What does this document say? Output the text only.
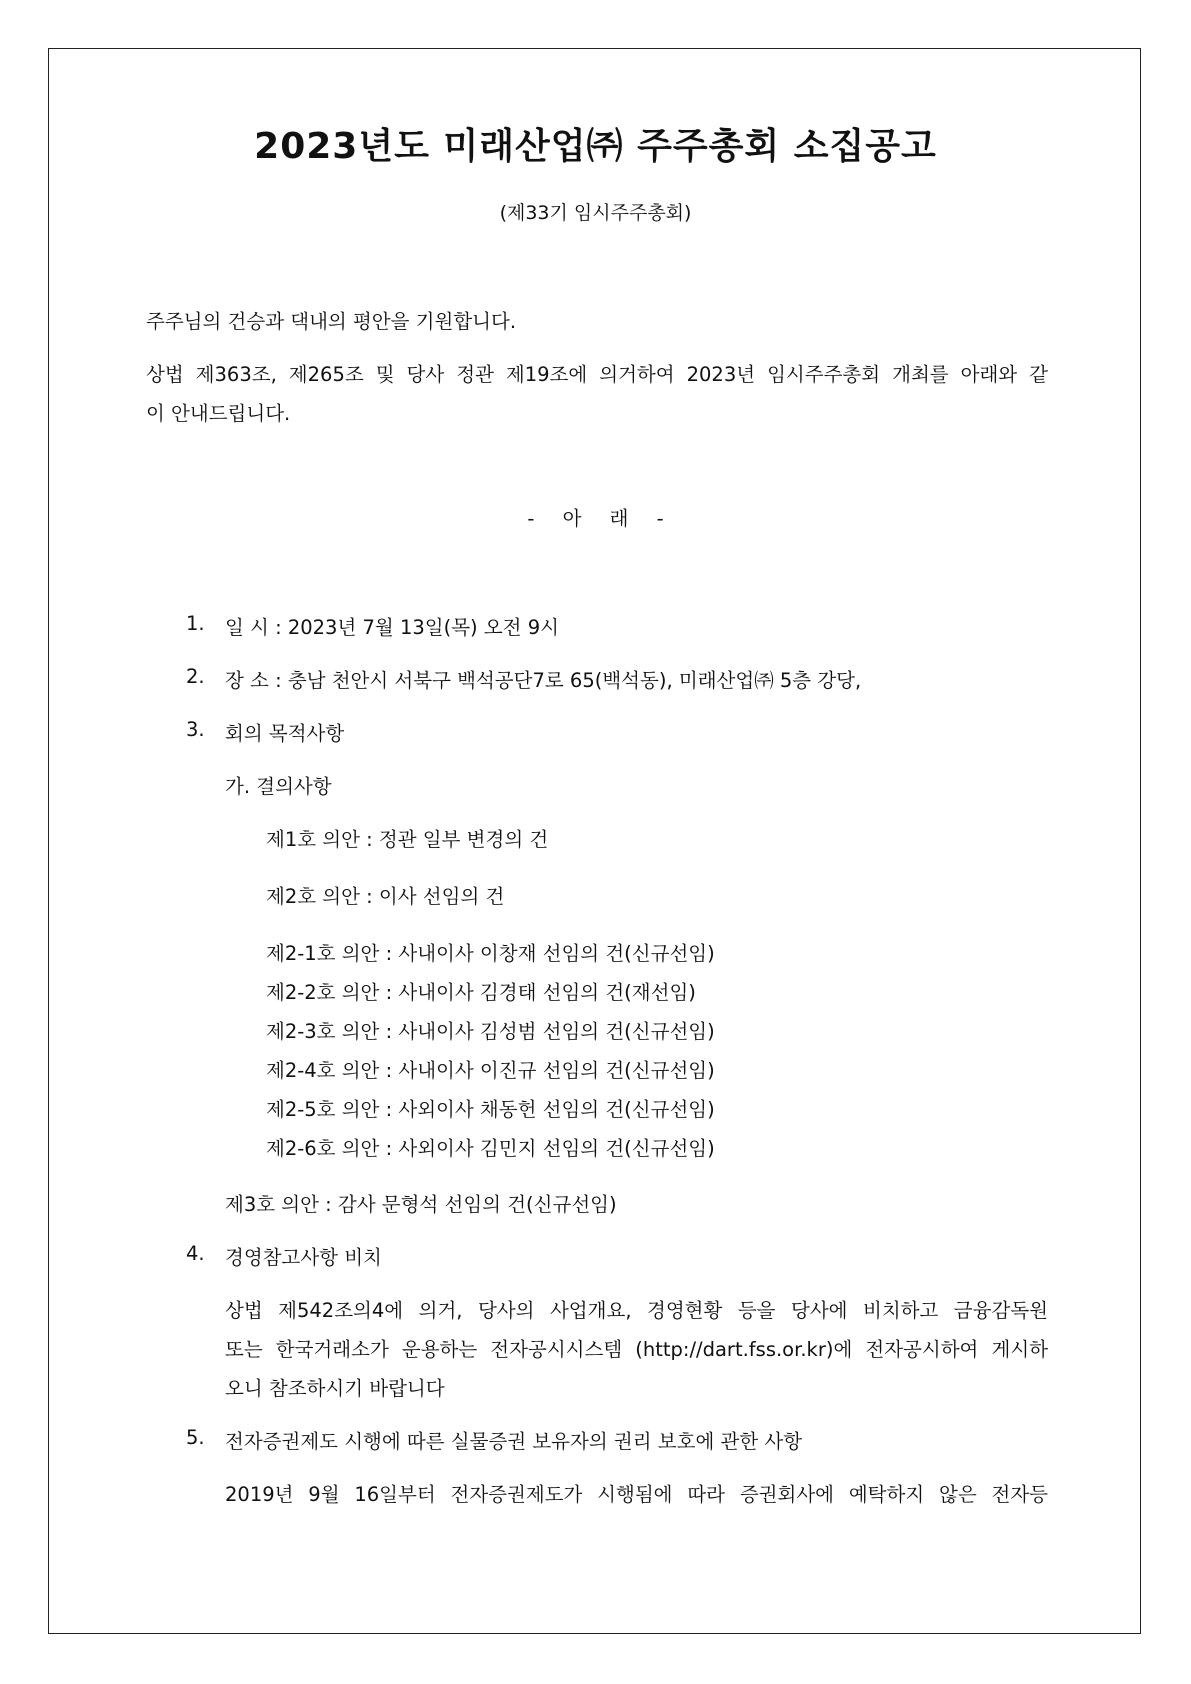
2023년도 미래산업㈜ 주주총회 소집공고
(제33기 임시주주총회)
주주님의 건승과 댁내의 평안을 기원합니다.
상법 제363조, 제265조 및 당사 정관 제19조에 의거하여 2023년 임시주주총회 개최를 아래와 같
이 안내드립니다.
- 아 래 -
1. 일 시 : 2023년 7월 13일(목) 오전 9시
2. 장 소 : 충남 천안시 서북구 백석공단7로 65(백석동), 미래산업㈜ 5층 강당,
3. 회의 목적사항
가. 결의사항
제1호 의안 : 정관 일부 변경의 건
제2호 의안 : 이사 선임의 건
제2-1호 의안 : 사내이사 이창재 선임의 건(신규선임)
제2-2호 의안 : 사내이사 김경태 선임의 건(재선임)
제2-3호 의안 : 사내이사 김성범 선임의 건(신규선임)
제2-4호 의안 : 사내이사 이진규 선임의 건(신규선임)
제2-5호 의안 : 사외이사 채동헌 선임의 건(신규선임)
제2-6호 의안 : 사외이사 김민지 선임의 건(신규선임)
제3호 의안 : 감사 문형석 선임의 건(신규선임)
4. 경영참고사항 비치
상법 제542조의4에 의거, 당사의 사업개요, 경영현황 등을 당사에 비치하고 금융감독원
또는 한국거래소가 운용하는 전자공시시스템 (http://dart.fss.or.kr)에 전자공시하여 게시하
오니 참조하시기 바랍니다
5. 전자증권제도 시행에 따른 실물증권 보유자의 권리 보호에 관한 사항
2019년 9월 16일부터 전자증권제도가 시행됨에 따라 증권회사에 예탁하지 않은 전자등
